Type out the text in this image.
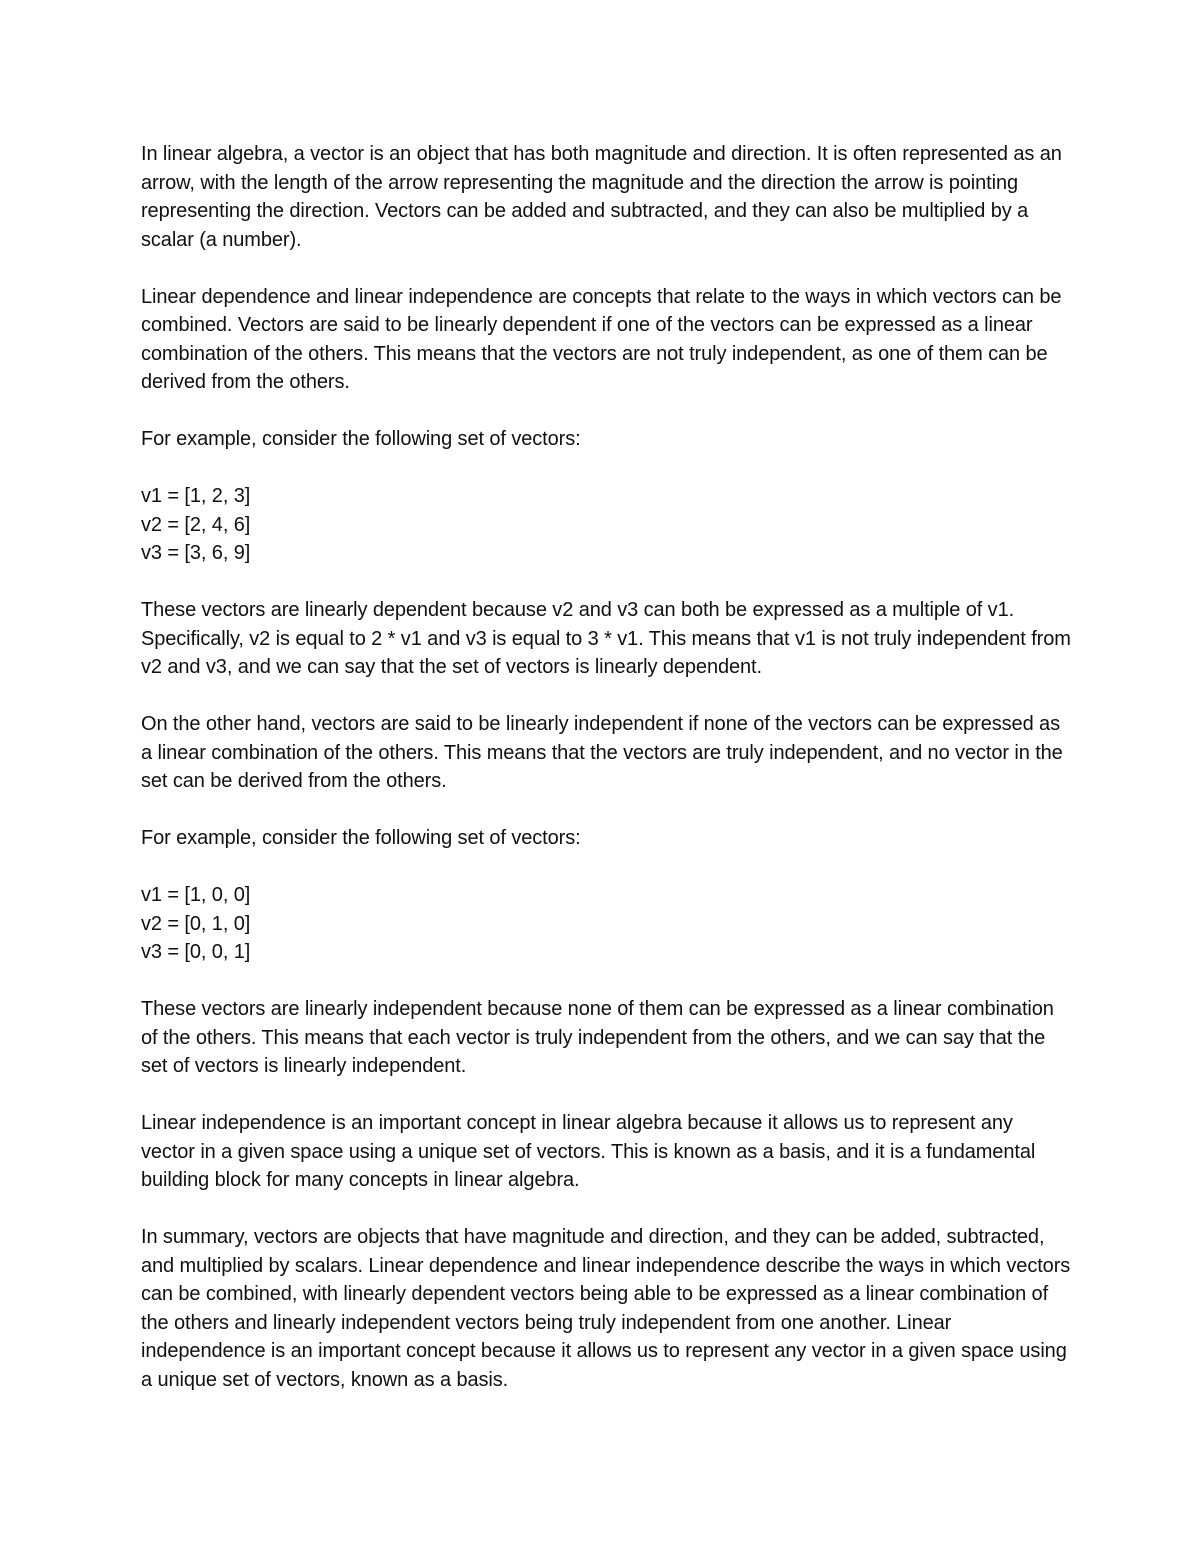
In linear algebra, a vector is an object that has both magnitude and direction. It is often represented as an arrow, with the length of the arrow representing the magnitude and the direction the arrow is pointing representing the direction. Vectors can be added and subtracted, and they can also be multiplied by a scalar (a number).

Linear dependence and linear independence are concepts that relate to the ways in which vectors can be combined. Vectors are said to be linearly dependent if one of the vectors can be expressed as a linear combination of the others. This means that the vectors are not truly independent, as one of them can be derived from the others.

For example, consider the following set of vectors:

v1 = [1, 2, 3]
v2 = [2, 4, 6]
v3 = [3, 6, 9]

These vectors are linearly dependent because v2 and v3 can both be expressed as a multiple of v1. Specifically, v2 is equal to 2 * v1 and v3 is equal to 3 * v1. This means that v1 is not truly independent from v2 and v3, and we can say that the set of vectors is linearly dependent.

On the other hand, vectors are said to be linearly independent if none of the vectors can be expressed as a linear combination of the others. This means that the vectors are truly independent, and no vector in the set can be derived from the others.

For example, consider the following set of vectors:

v1 = [1, 0, 0]
v2 = [0, 1, 0]
v3 = [0, 0, 1]

These vectors are linearly independent because none of them can be expressed as a linear combination of the others. This means that each vector is truly independent from the others, and we can say that the set of vectors is linearly independent.

Linear independence is an important concept in linear algebra because it allows us to represent any vector in a given space using a unique set of vectors. This is known as a basis, and it is a fundamental building block for many concepts in linear algebra.

In summary, vectors are objects that have magnitude and direction, and they can be added, subtracted, and multiplied by scalars. Linear dependence and linear independence describe the ways in which vectors can be combined, with linearly dependent vectors being able to be expressed as a linear combination of the others and linearly independent vectors being truly independent from one another. Linear independence is an important concept because it allows us to represent any vector in a given space using a unique set of vectors, known as a basis.
